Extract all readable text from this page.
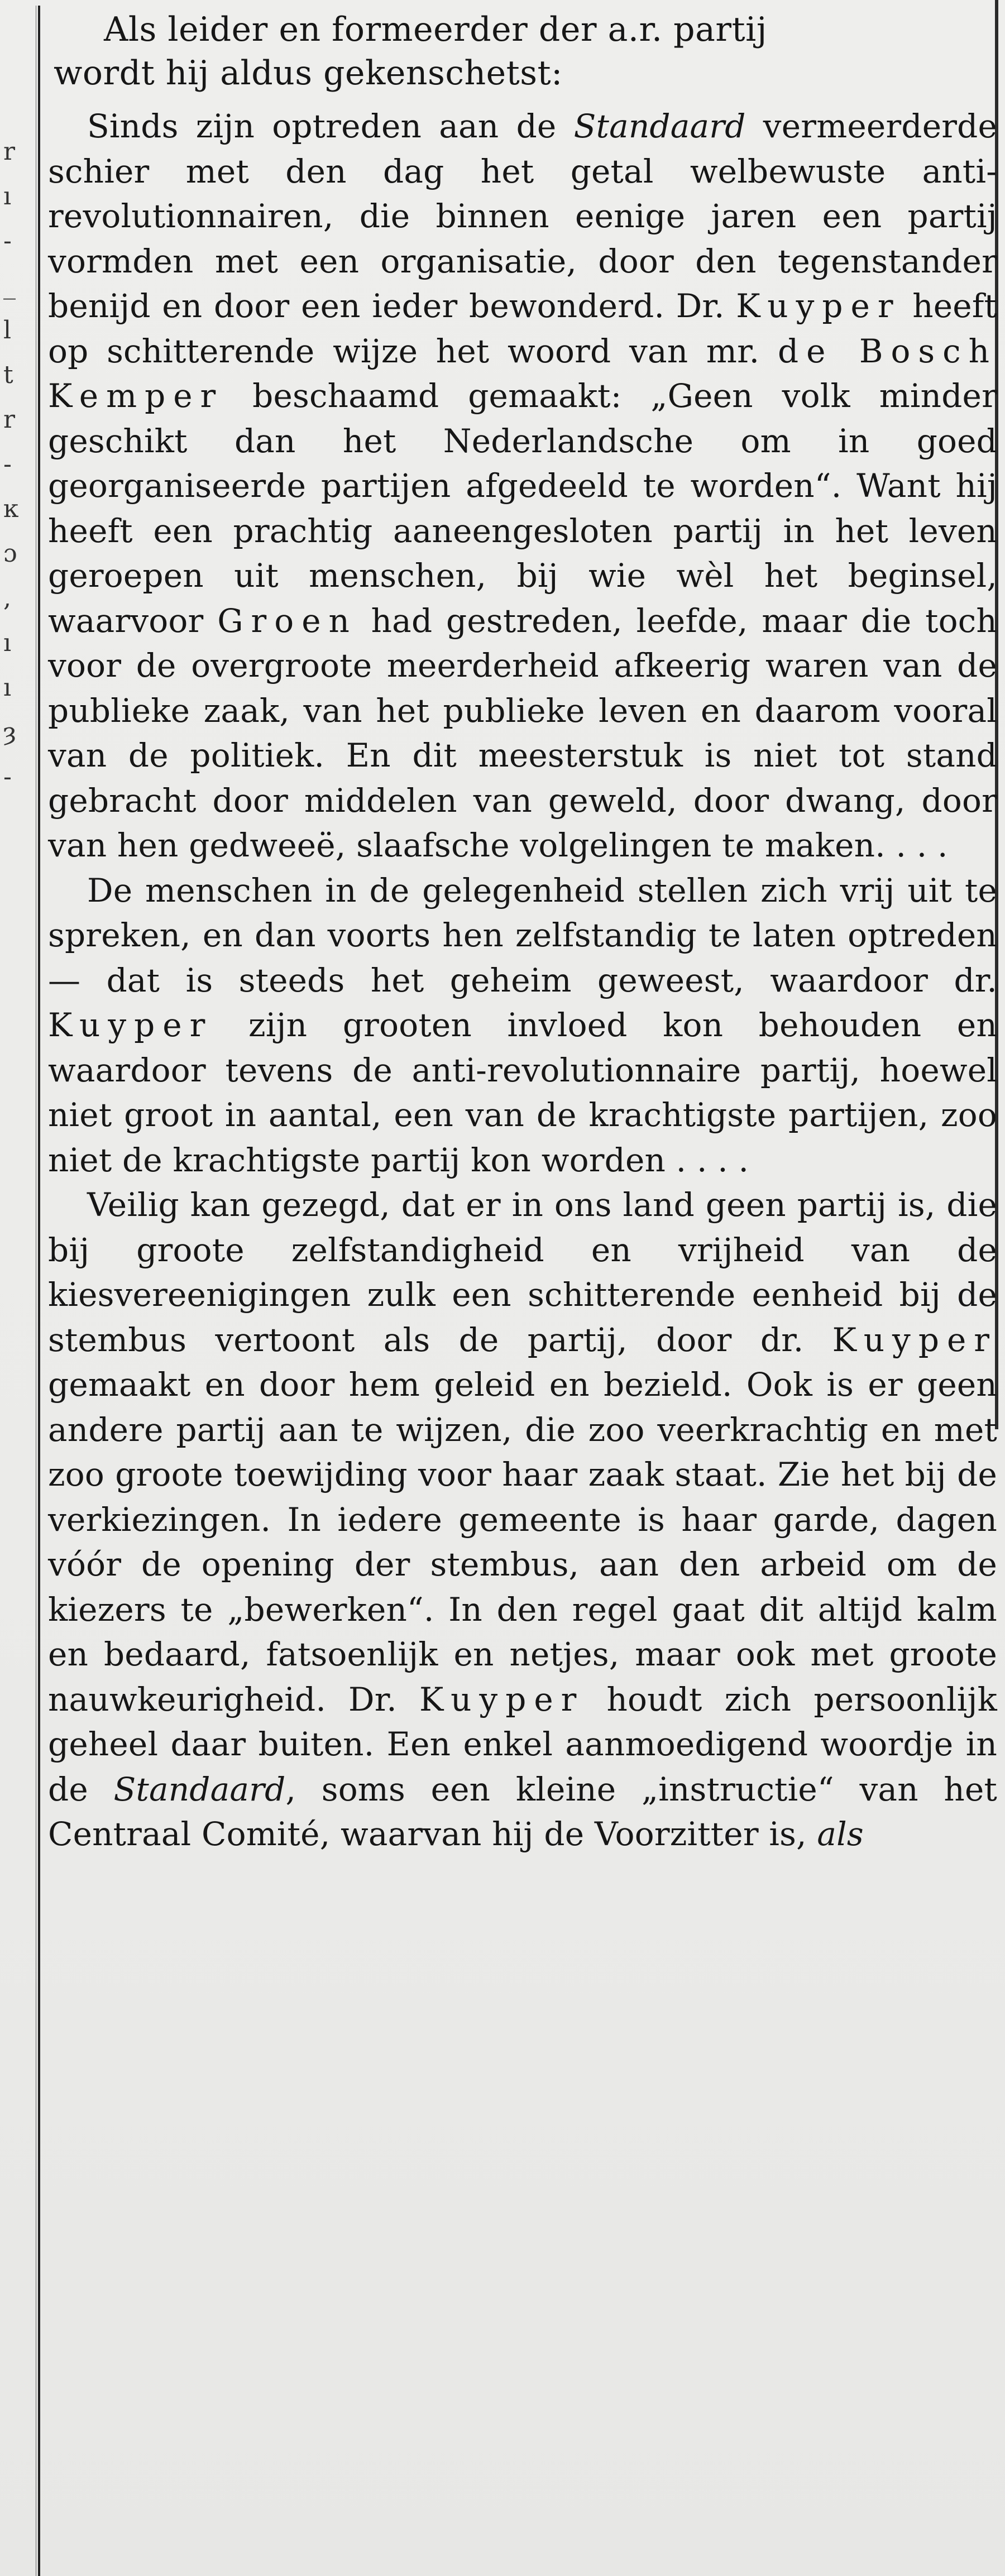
r
ı
-
_
l
t
r
-
ĸ
ɔ
,
ı
ı
ȝ
-
Als leider en formeerder der a.r. partij
wordt hij aldus gekenschetst:

Sinds zijn optreden aan de Standaard vermeerderde schier met den dag het getal welbewuste anti-revolutionnairen, die binnen eenige jaren een partij vormden met een organisatie, door den tegenstander benijd en door een ieder bewonderd. Dr. Kuyper heeft op schitterende wijze het woord van mr. de Bosch Kemper beschaamd gemaakt: „Geen volk minder geschikt dan het Nederlandsche om in goed georganiseerde partijen afgedeeld te worden“. Want hij heeft een prachtig aaneengesloten partij in het leven geroepen uit menschen, bij wie wèl het beginsel, waarvoor Groen had gestreden, leefde, maar die toch voor de overgroote meerderheid afkeerig waren van de publieke zaak, van het publieke leven en daarom vooral van de politiek. En dit meesterstuk is niet tot stand gebracht door middelen van geweld, door dwang, door van hen gedweeë, slaafsche volgelingen te maken. . . .

De menschen in de gelegenheid stellen zich vrij uit te spreken, en dan voorts hen zelfstandig te laten optreden — dat is steeds het geheim geweest, waardoor dr. Kuyper zijn grooten invloed kon behouden en waardoor tevens de anti-revolutionnaire partij, hoewel niet groot in aantal, een van de krachtigste partijen, zoo niet de krachtigste partij kon worden . . . .

Veilig kan gezegd, dat er in ons land geen partij is, die bij groote zelfstandigheid en vrijheid van de kiesvereenigingen zulk een schitterende eenheid bij de stembus vertoont als de partij, door dr. Kuyper gemaakt en door hem geleid en bezield. Ook is er geen andere partij aan te wijzen, die zoo veerkrachtig en met zoo groote toewijding voor haar zaak staat. Zie het bij de verkiezingen. In iedere gemeente is haar garde, dagen vóór de opening der stembus, aan den arbeid om de kiezers te „bewerken“. In den regel gaat dit altijd kalm en bedaard, fatsoenlijk en netjes, maar ook met groote nauwkeurigheid. Dr. Kuyper houdt zich persoonlijk geheel daar buiten. Een enkel aanmoedigend woordje in de Standaard, soms een kleine „instructie“ van het Centraal Comité, waarvan hij de Voorzitter is, als
